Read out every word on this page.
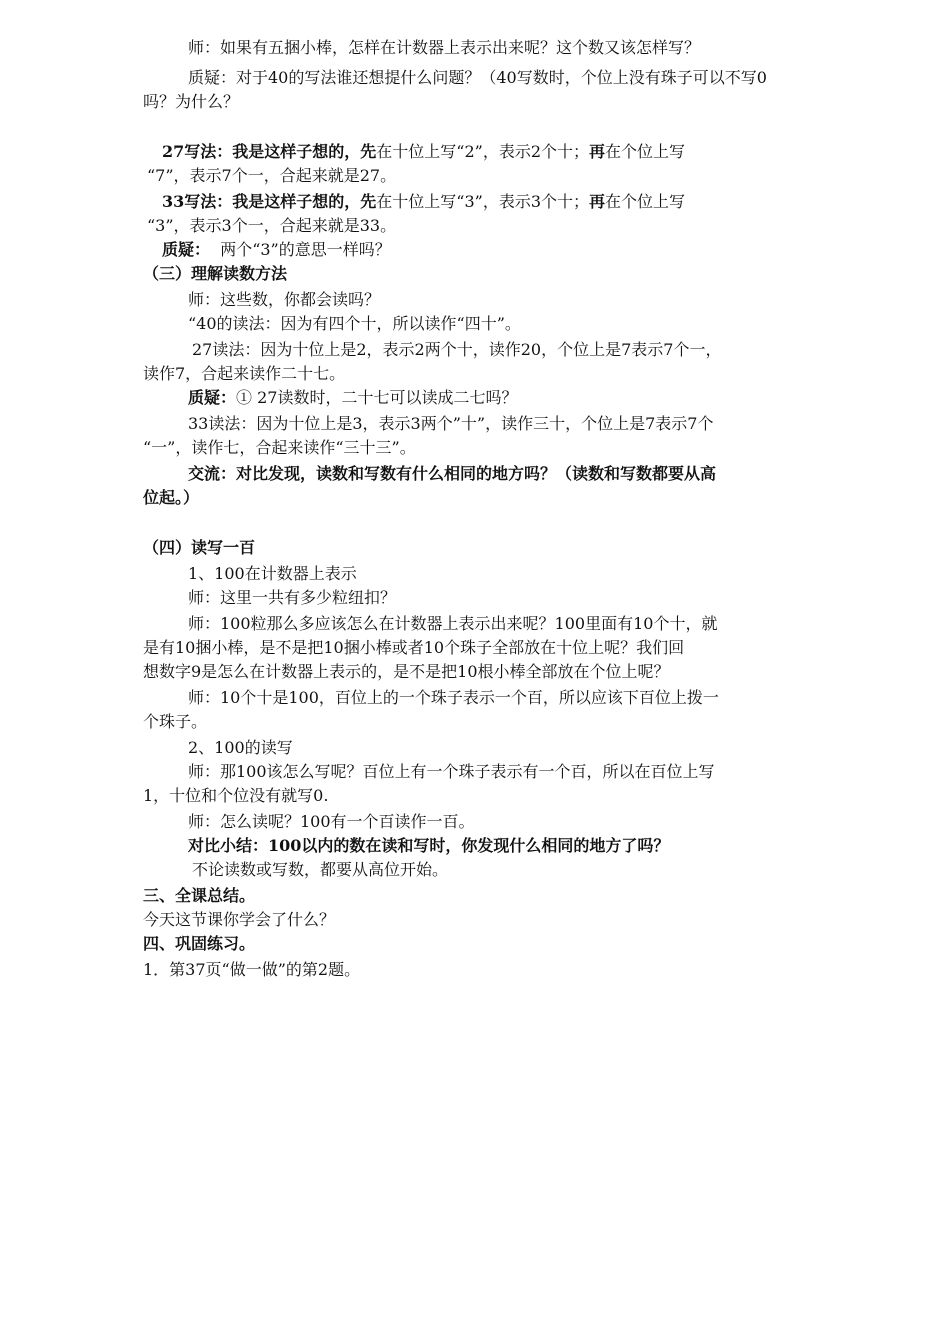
师：如果有五捆小棒，怎样在计数器上表示出来呢？这个数又该怎样写？
质疑：对于40的写法谁还想提什么问题？（40写数时，个位上没有珠子可以不写0
吗？为什么？
27写法：我是这样子想的，先在十位上写“2”，表示2个十；再在个位上写
“7”，表示7个一，合起来就是27。
33写法：我是这样子想的，先在十位上写“3”，表示3个十；再在个位上写
“3”，表示3个一，合起来就是33。
质疑：  两个“3”的意思一样吗？
（三）理解读数方法
师：这些数，你都会读吗？
“40的读法：因为有四个十，所以读作“四十”。
27读法：因为十位上是2，表示2两个十，读作20，个位上是7表示7个一，
读作7，合起来读作二十七。
质疑：① 27读数时，二十七可以读成二七吗？
33读法：因为十位上是3，表示3两个”十”，读作三十，个位上是7表示7个
“一”，读作七，合起来读作“三十三”。
交流：对比发现，读数和写数有什么相同的地方吗？（读数和写数都要从高
位起。）
（四）读写一百
1、100在计数器上表示
师：这里一共有多少粒纽扣？
师：100粒那么多应该怎么在计数器上表示出来呢？100里面有10个十，就
是有10捆小棒，是不是把10捆小棒或者10个珠子全部放在十位上呢？我们回
想数字9是怎么在计数器上表示的，是不是把10根小棒全部放在个位上呢？
师：10个十是100，百位上的一个珠子表示一个百，所以应该下百位上拨一
个珠子。
2、100的读写
师：那100该怎么写呢？百位上有一个珠子表示有一个百，所以在百位上写
1，十位和个位没有就写0.
师：怎么读呢？100有一个百读作一百。
对比小结：100以内的数在读和写时，你发现什么相同的地方了吗？
不论读数或写数，都要从高位开始。
三、全课总结。
今天这节课你学会了什么？
四、巩固练习。
1．第37页“做一做”的第2题。
